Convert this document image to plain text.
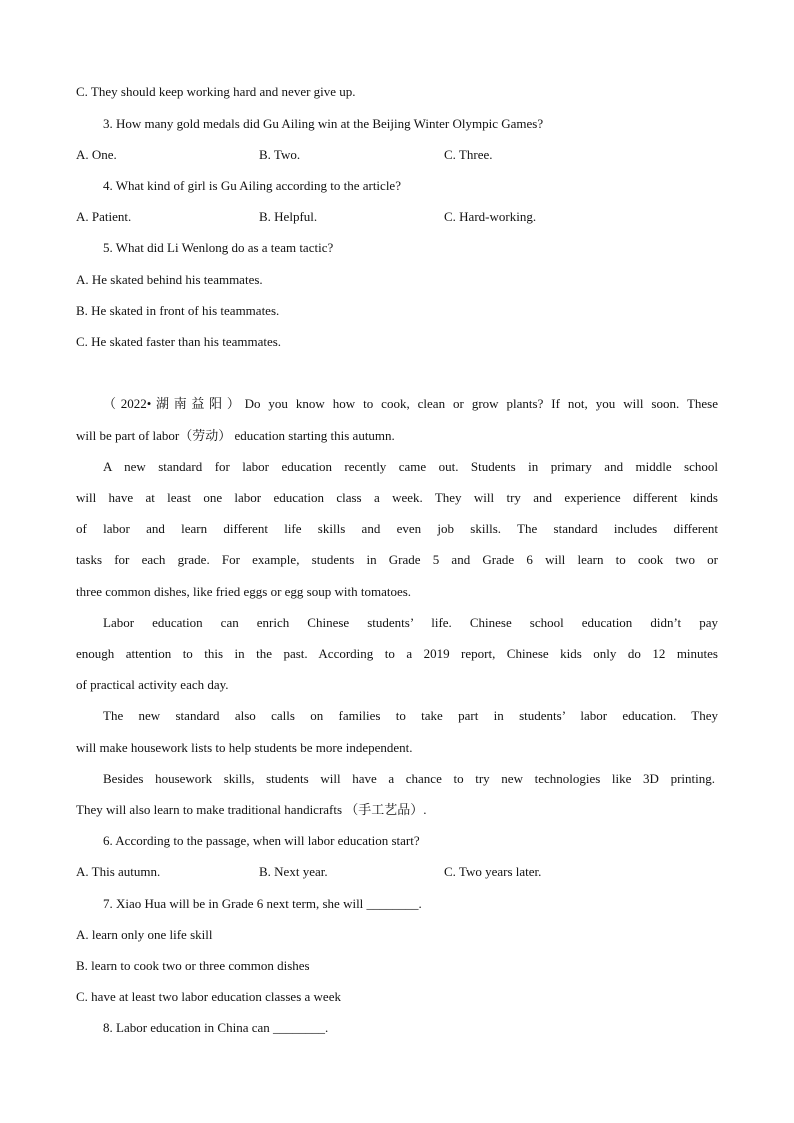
C. They should keep working hard and never give up.
3. How many gold medals did Gu Ailing win at the Beijing Winter Olympic Games?
A. One.	B. Two.	C. Three.
4. What kind of girl is Gu Ailing according to the article?
A. Patient.	B. Helpful.	C. Hard-working.
5. What did Li Wenlong do as a team tactic?
A. He skated behind his teammates.
B. He skated in front of his teammates.
C. He skated faster than his teammates.
（2022•湖南益阳）Do you know how to cook, clean or grow plants? If not, you will soon. These
will be part of labor（劳动） education starting this autumn.
A new standard for labor education recently came out. Students in primary and middle school
will have at least one labor education class a week. They will try and experience different kinds
of labor and learn different life skills and even job skills. The standard includes different
tasks for each grade. For example, students in Grade 5 and Grade 6 will learn to cook two or
three common dishes, like fried eggs or egg soup with tomatoes.
Labor education can enrich Chinese students’ life. Chinese school education didn’t pay
enough attention to this in the past. According to a 2019 report, Chinese kids only do 12 minutes
of practical activity each day.
The new standard also calls on families to take part in students’ labor education. They
will make housework lists to help students be more independent.
Besides housework skills, students will have a chance to try new technologies like 3D printing.
They will also learn to make traditional handicrafts （手工艺品）.
6. According to the passage, when will labor education start?
A. This autumn.	B. Next year.	C. Two years later.
7. Xiao Hua will be in Grade 6 next term, she will ________.
A. learn only one life skill
B. learn to cook two or three common dishes
C. have at least two labor education classes a week
8. Labor education in China can ________.
